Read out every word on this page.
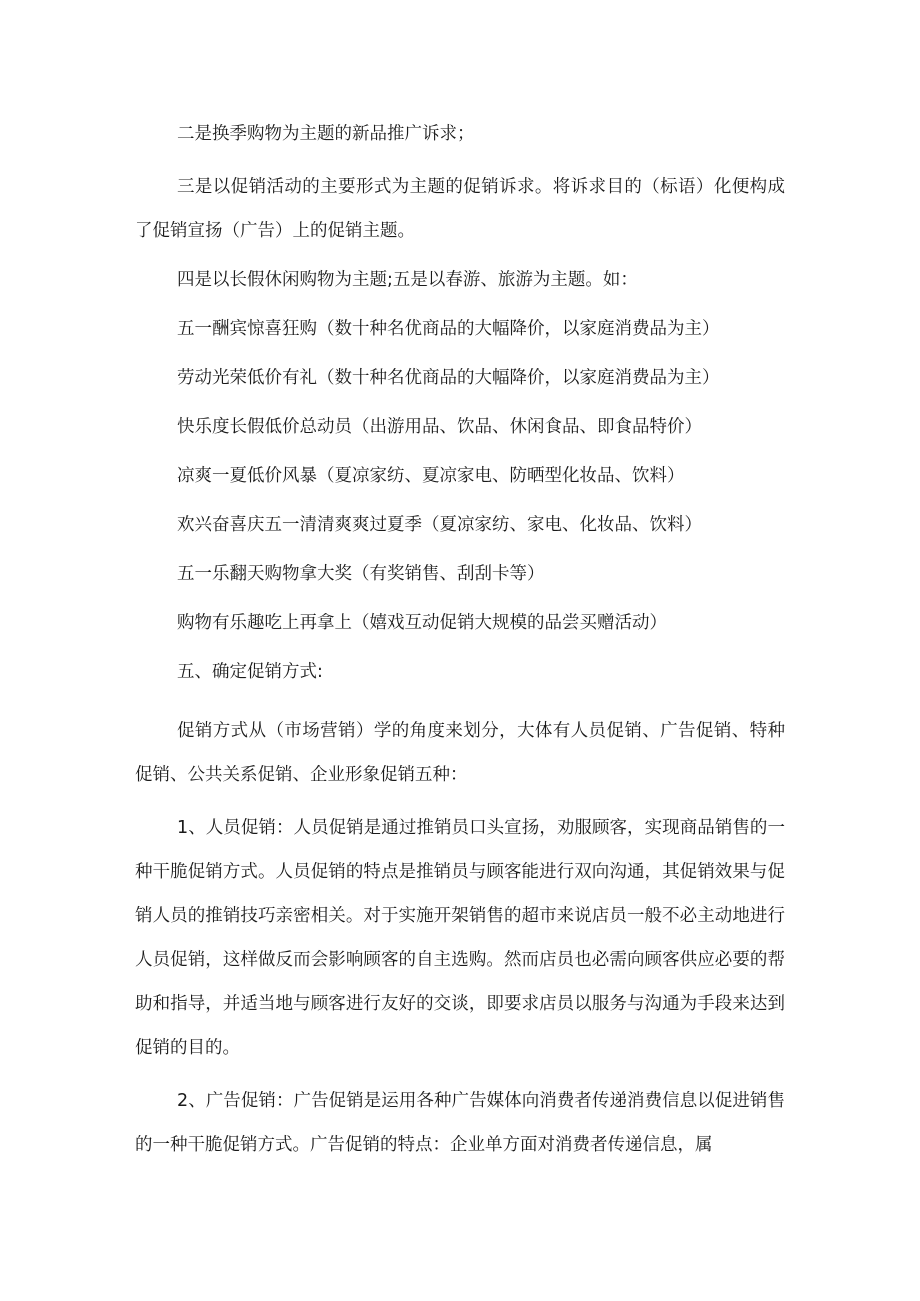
二是换季购物为主题的新品推广诉求；

三是以促销活动的主要形式为主题的促销诉求。将诉求目的（标语）化便构成了促销宣扬（广告）上的促销主题。

四是以长假休闲购物为主题;五是以春游、旅游为主题。如：

五一酬宾惊喜狂购（数十种名优商品的大幅降价，以家庭消费品为主）

劳动光荣低价有礼（数十种名优商品的大幅降价，以家庭消费品为主）

快乐度长假低价总动员（出游用品、饮品、休闲食品、即食品特价）

凉爽一夏低价风暴（夏凉家纺、夏凉家电、防晒型化妆品、饮料）

欢兴奋喜庆五一清清爽爽过夏季（夏凉家纺、家电、化妆品、饮料）

五一乐翻天购物拿大奖（有奖销售、刮刮卡等）

购物有乐趣吃上再拿上（嬉戏互动促销大规模的品尝买赠活动）

五、确定促销方式:

促销方式从（市场营销）学的角度来划分，大体有人员促销、广告促销、特种促销、公共关系促销、企业形象促销五种：

1、人员促销：人员促销是通过推销员口头宣扬，劝服顾客，实现商品销售的一种干脆促销方式。人员促销的特点是推销员与顾客能进行双向沟通，其促销效果与促销人员的推销技巧亲密相关。对于实施开架销售的超市来说店员一般不必主动地进行人员促销，这样做反而会影响顾客的自主选购。然而店员也必需向顾客供应必要的帮助和指导，并适当地与顾客进行友好的交谈，即要求店员以服务与沟通为手段来达到促销的目的。

2、广告促销：广告促销是运用各种广告媒体向消费者传递消费信息以促进销售的一种干脆促销方式。广告促销的特点：企业单方面对消费者传递信息，属
